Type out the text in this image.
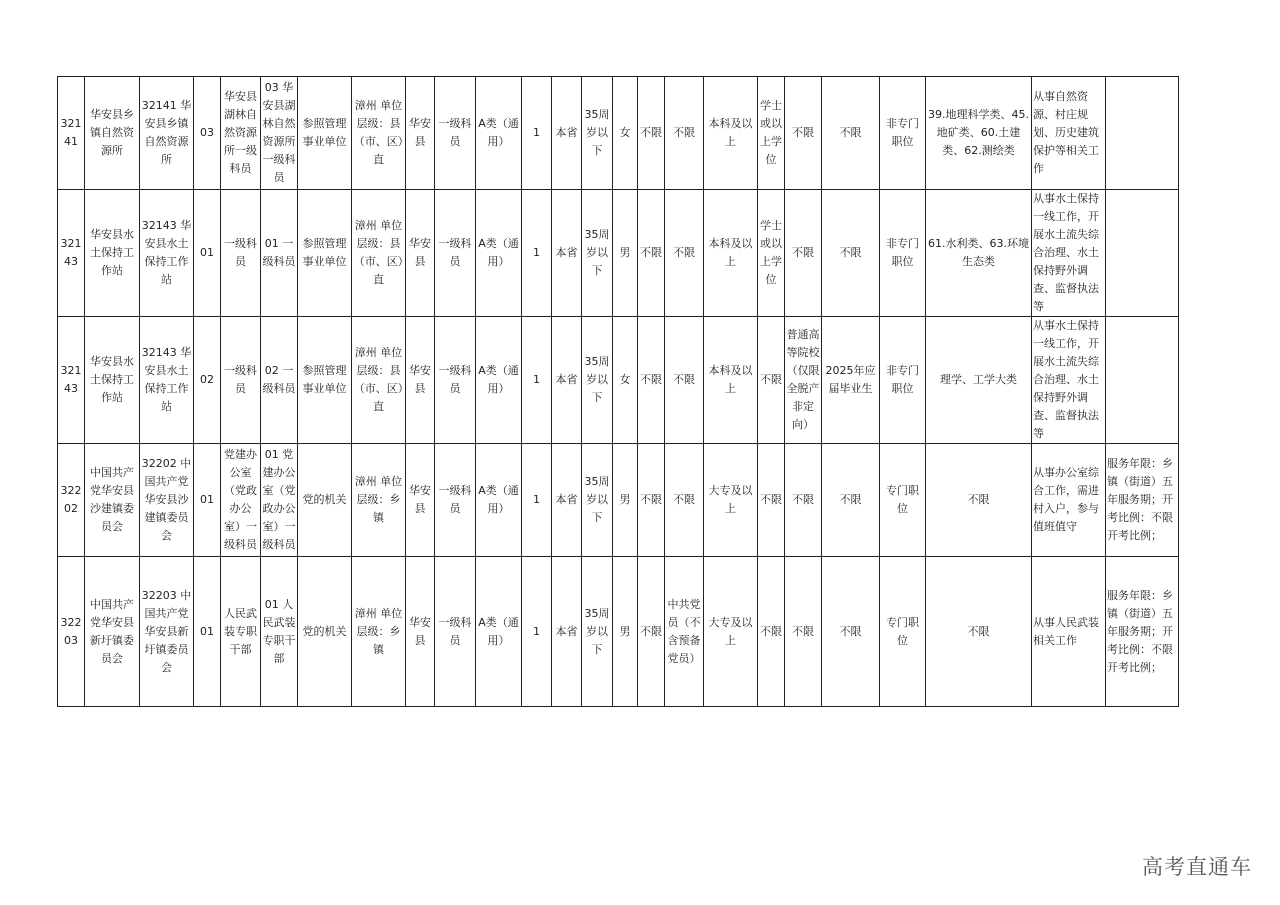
32141	华安县乡镇自然资源所	32141 华安县乡镇自然资源所	03	华安县湖林自然资源所一级科员	03 华安县湖林自然资源所一级科员	参照管理事业单位	漳州 单位层级：县（市、区）直	华安县	一级科员	A类（通用）	1	本省	35周岁以下	女	不限	不限	本科及以上	学士或以上学位	不限	不限	非专门职位	39.地理科学类、45.地矿类、60.土建类、62.测绘类	从事自然资源、村庄规划、历史建筑保护等相关工作	
32143	华安县水土保持工作站	32143 华安县水土保持工作站	01	一级科员	01 一级科员	参照管理事业单位	漳州 单位层级：县（市、区）直	华安县	一级科员	A类（通用）	1	本省	35周岁以下	男	不限	不限	本科及以上	学士或以上学位	不限	不限	非专门职位	61.水利类、63.环境生态类	从事水土保持一线工作，开展水土流失综合治理、水土保持野外调查、监督执法等	
32143	华安县水土保持工作站	32143 华安县水土保持工作站	02	一级科员	02 一级科员	参照管理事业单位	漳州 单位层级：县（市、区）直	华安县	一级科员	A类（通用）	1	本省	35周岁以下	女	不限	不限	本科及以上	不限	普通高等院校（仅限全脱产非定向）	2025年应届毕业生	非专门职位	理学、工学大类	从事水土保持一线工作，开展水土流失综合治理、水土保持野外调查、监督执法等	
32202	中国共产党华安县沙建镇委员会	32202 中国共产党华安县沙建镇委员会	01	党建办公室（党政办公室）一级科员	01 党建办公室（党政办公室）一级科员	党的机关	漳州 单位层级：乡镇	华安县	一级科员	A类（通用）	1	本省	35周岁以下	男	不限	不限	大专及以上	不限	不限	不限	专门职位	不限	从事办公室综合工作，需进村入户，参与值班值守	服务年限：乡镇（街道）五年服务期；开考比例：不限开考比例；
32203	中国共产党华安县新圩镇委员会	32203 中国共产党华安县新圩镇委员会	01	人民武装专职干部	01 人民武装专职干部	党的机关	漳州 单位层级：乡镇	华安县	一级科员	A类（通用）	1	本省	35周岁以下	男	不限	中共党员（不含预备党员）	大专及以上	不限	不限	不限	专门职位	不限	从事人民武装相关工作	服务年限：乡镇（街道）五年服务期；开考比例：不限开考比例；
高考直通车
